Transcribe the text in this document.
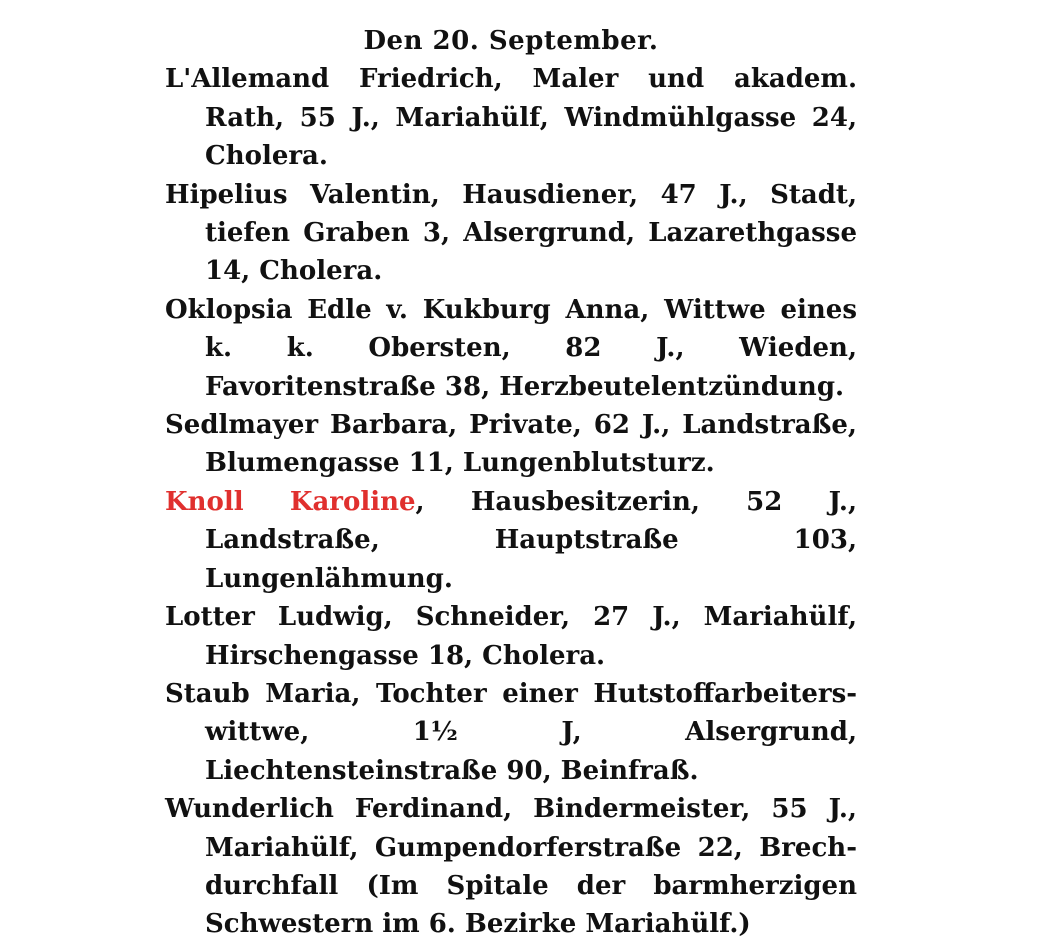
Den 20. September.

L'Allemand Friedrich, Maler und akadem. Rath, 55 J., Mariahülf, Windmühlgasse 24, Cholera.

Hipelius Valentin, Hausdiener, 47 J., Stadt, tiefen Graben 3, Alsergrund, Lazarethgasse 14, Cholera.

Oklopsia Edle v. Kukburg Anna, Wittwe eines k. k. Obersten, 82 J., Wieden, Favoritenstraße 38, Herzbeutelentzündung.

Sedlmayer Barbara, Private, 62 J., Landstraße, Blumengasse 11, Lungenblutsturz.

Knoll Karoline, Hausbesitzerin, 52 J., Landstraße, Hauptstraße 103, Lungenlähmung.

Lotter Ludwig, Schneider, 27 J., Mariahülf, Hirschengasse 18, Cholera.

Staub Maria, Tochter einer Hutstoffarbeiters-wittwe, 1½ J, Alsergrund, Liechtensteinstraße 90, Beinfraß.

Wunderlich Ferdinand, Bindermeister, 55 J., Mariahülf, Gumpendorferstraße 22, Brech-durchfall (Im Spitale der barmherzigen Schwestern im 6. Bezirke Mariahülf.)
